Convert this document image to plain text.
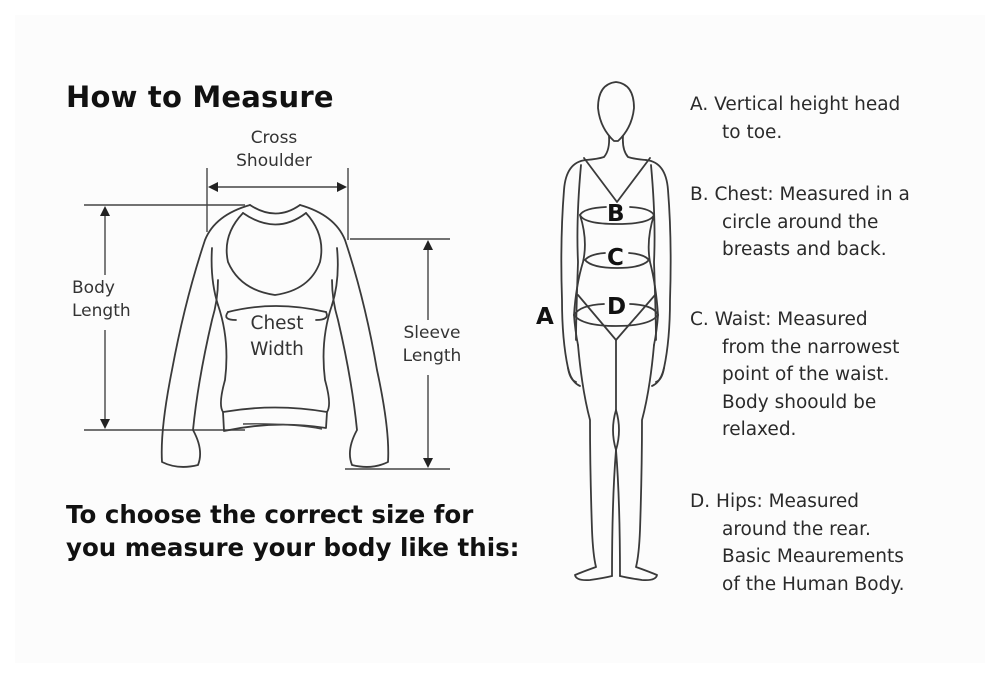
How to Measure
Cross
Shoulder
Body
Length
Chest
Width
Sleeve
Length
To choose the correct size for
you measure your body like this:
B
C
D
A
A. Vertical height head
to toe.
B. Chest: Measured in a
circle around the
breasts and back.
C. Waist: Measured
from the narrowest
point of the waist.
Body shoould be
relaxed.
D. Hips: Measured
around the rear.
Basic Meaurements
of the Human Body.
